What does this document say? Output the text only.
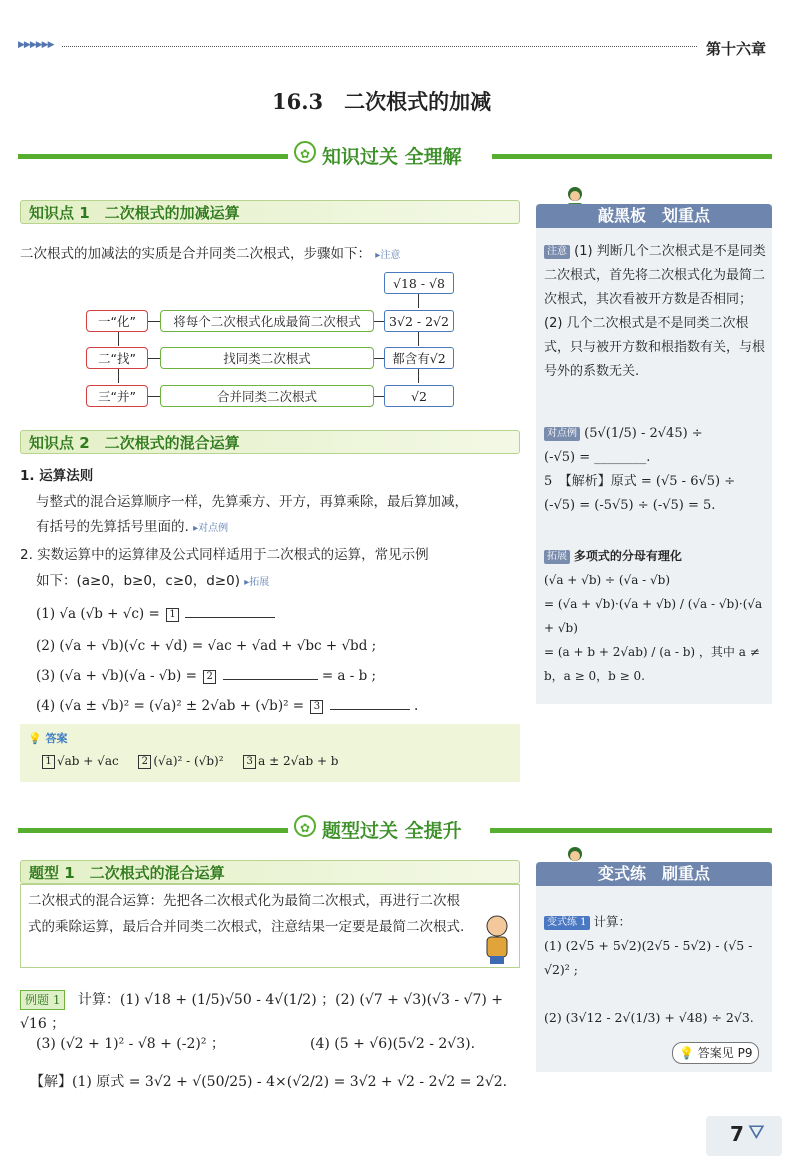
▶▶▶▶▶▶	第十六章
16.3　二次根式的加减
✿ 知识过关 全理解
知识点 1　二次根式的加减运算
二次根式的加减法的实质是合并同类二次根式，步骤如下： ▸注意
√18 - √8
一“化”	将每个二次根式化成最简二次根式	3√2 - 2√2
二“找”	找同类二次根式	都含有√2
三“并”	合并同类二次根式	√2
知识点 2　二次根式的混合运算
1. 运算法则
与整式的混合运算顺序一样，先算乘方、开方，再算乘除，最后算加减，
有括号的先算括号里面的. ▸对点例
2. 实数运算中的运算律及公式同样适用于二次根式的运算，常见示例
如下：(a≥0，b≥0，c≥0，d≥0) ▸拓展
(1) √a (√b + √c) = 1
(2) (√a + √b)(√c + √d) = √ac + √ad + √bc + √bd ;
(3) (√a + √b)(√a - √b) = 2	= a - b ;
(4) (√a ± √b)² = (√a)² ± 2√ab + (√b)² = 3	.
💡 答案
1 √ab + √ac 2 (√a)² - (√b)² 3 a ± 2√ab + b
敲黑板　划重点
注意 (1) 判断几个二次根式是不是同类二次根式，首先将二次根式化为最简二次根式，其次看被开方数是否相同；
(2) 几个二次根式是不是同类二次根式，只与被开方数和根指数有关，与根号外的系数无关.
对点例 (5√(1/5) - 2√45) ÷
(-√5) = ________.
5　【解析】原式 = (√5 - 6√5) ÷
(-√5) = (-5√5) ÷ (-√5) = 5.
拓展 多项式的分母有理化
(√a + √b) ÷ (√a - √b)
= (√a + √b)·(√a + √b) / (√a - √b)·(√a + √b)
= (a + b + 2√ab) / (a - b) ，其中 a ≠ b，a ≥ 0，b ≥ 0.
✿ 题型过关 全提升
题型 1　二次根式的混合运算
二次根式的混合运算：先把各二次根式化为最简二次根式，再进行二次根式的乘除运算，最后合并同类二次根式，注意结果一定要是最简二次根式.
例题 1 计算：(1) √18 + (1/5)√50 - 4√(1/2) ；(2) (√7 + √3)(√3 - √7) + √16 ；
(3) (√2 + 1)² - √8 + (-2)² ；	(4) (5 + √6)(5√2 - 2√3).
【解】(1) 原式 = 3√2 + √(50/25) - 4×(√2/2) = 3√2 + √2 - 2√2 = 2√2.
变式练　刷重点
变式练 1 计算：
(1) (2√5 + 5√2)(2√5 - 5√2) - (√5 -
√2)² ;

(2) (3√12 - 2√(1/3) + √48) ÷ 2√3.
💡 答案见 P9
7 ⛛
